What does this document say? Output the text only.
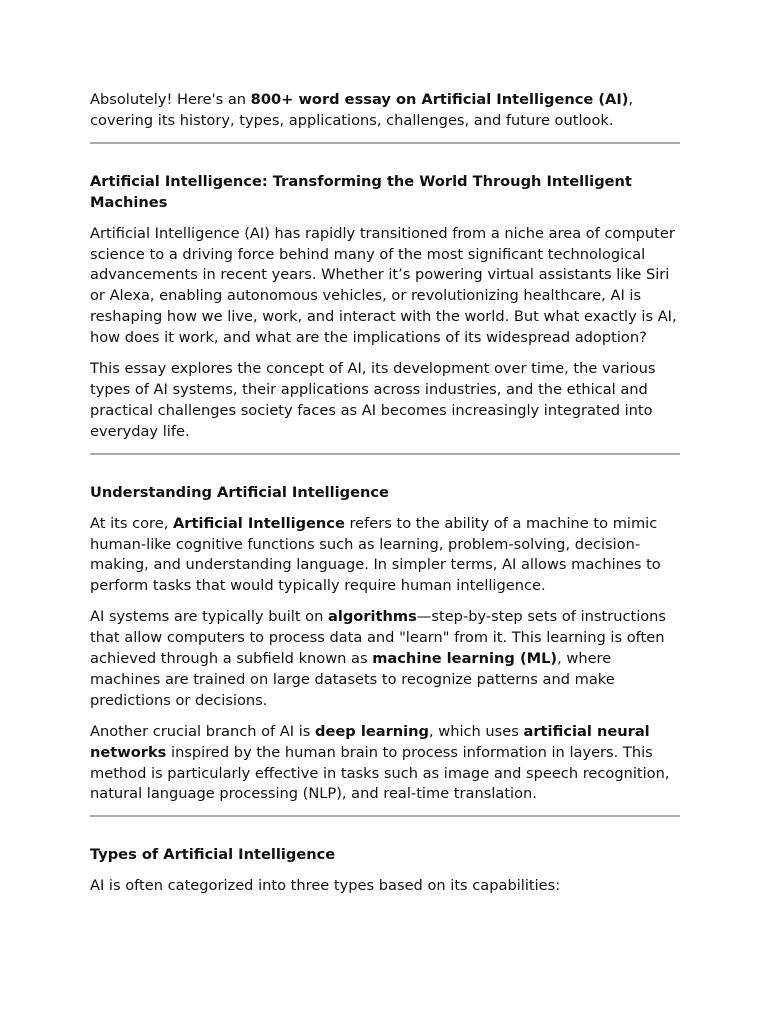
Absolutely! Here's an 800+ word essay on Artificial Intelligence (AI), covering its history, types, applications, challenges, and future outlook.

Artificial Intelligence: Transforming the World Through Intelligent Machines

Artificial Intelligence (AI) has rapidly transitioned from a niche area of computer science to a driving force behind many of the most significant technological advancements in recent years. Whether it’s powering virtual assistants like Siri or Alexa, enabling autonomous vehicles, or revolutionizing healthcare, AI is reshaping how we live, work, and interact with the world. But what exactly is AI, how does it work, and what are the implications of its widespread adoption?

This essay explores the concept of AI, its development over time, the various types of AI systems, their applications across industries, and the ethical and practical challenges society faces as AI becomes increasingly integrated into everyday life.

Understanding Artificial Intelligence

At its core, Artificial Intelligence refers to the ability of a machine to mimic human-like cognitive functions such as learning, problem-solving, decision-making, and understanding language. In simpler terms, AI allows machines to perform tasks that would typically require human intelligence.

AI systems are typically built on algorithms—step-by-step sets of instructions that allow computers to process data and "learn" from it. This learning is often achieved through a subfield known as machine learning (ML), where machines are trained on large datasets to recognize patterns and make predictions or decisions.

Another crucial branch of AI is deep learning, which uses artificial neural networks inspired by the human brain to process information in layers. This method is particularly effective in tasks such as image and speech recognition, natural language processing (NLP), and real-time translation.

Types of Artificial Intelligence

AI is often categorized into three types based on its capabilities:
